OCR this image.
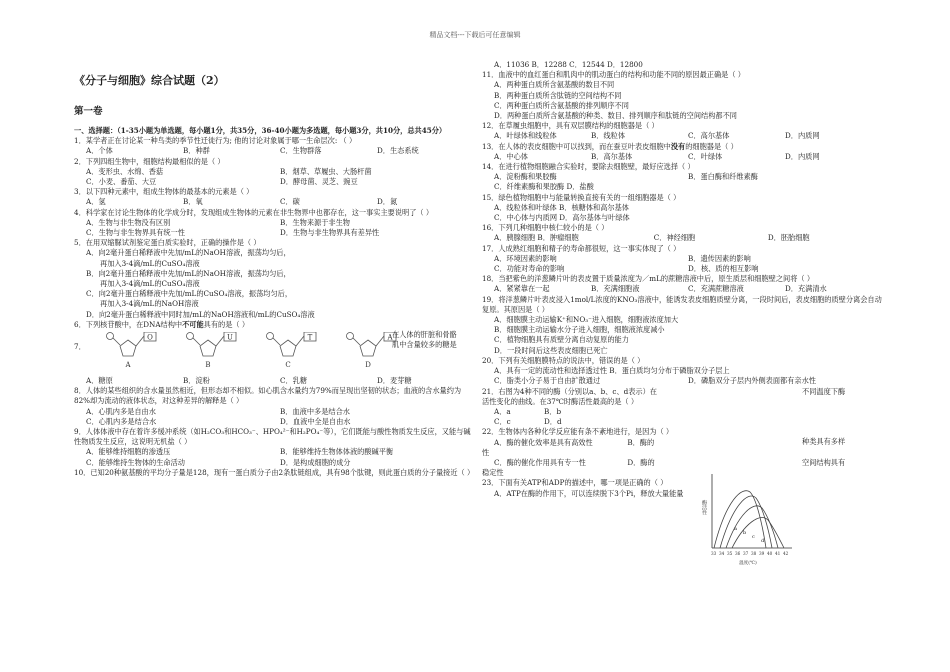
精品文档---下载后可任意编辑
《分子与细胞》综合试题（2）
第一卷
一、选择题：（1-35小题为单选题，每小题1分，共35分，36-40小题为多选题，每小题3分，共10分，总共45分）
1．某学者正在讨论某一种鸟类的季节性迁徙行为; 他的讨论对象属于哪一生命层次: （ ）
A．个体	B．种群	C．生物群落	D．生态系统
2．下列四组生物中，细胞结构最相似的是（ ）
A．变形虫、水绵、香菇	B．烟草、草履虫、大肠杆菌
C．小麦、番茄、大豆	D．酵母菌、灵芝、豌豆
3．以下四种元素中，组成生物体的最基本的元素是（ ）
A．氢	B．氧	C．碳	D．氮
4．科学家在讨论生物体的化学成分时，发现组成生物体的元素在非生物界中也都存在，这一事实主要说明了（ ）
A．生物与非生物没有区别	B．生物来源于非生物
C．生物与非生物界具有统一性	D．生物与非生物界具有差异性
5．在用双缩脲试剂鉴定蛋白质实验时，正确的操作是（ ）
A．向2毫升蛋白稀释液中先加/mL的NaOH溶液，振荡均匀后，
再加入3-4滴/mL的CuSO₄溶液
B．向2毫升蛋白稀释液中先加/mL的NaOH溶液，振荡均匀后，
再加入3-4滴/mL的CuSO₄溶液
C．向2毫升蛋白稀释液中先加/mL的CuSO₄溶液，振荡均匀后，
再加入3-4滴/mL的NaOH溶液
D．向2毫升蛋白稀释液中同时加/mL的NaOH溶液和/mL的CuSO₄溶液
6．下列核苷酸中，在DNA结构中不可能具有的是（ ）
7．
O
A
U
B
T
C
A
D
在人体的肝脏和骨骼肌中含量较多的糖是
A．糖原	B．淀粉	C．乳糖	D．麦芽糖
8．人体的某些组织的含水量虽然相近，但形态却不相似。如心肌含水量约为79%而呈现出坚韧的状态；血液的含水量约为82%却为流动的液体状态，对这种差异的解释是（ ）
A．心肌内多是自由水	B．血液中多是结合水
C．心肌内多是结合水	D．血液中全是自由水
9．人体体液中存在着许多缓冲系统（如H₂CO₃和HCO₃⁻、HPO₄²⁻和H₂PO₄⁻等），它们既能与酸性物质发生反应，又能与碱性物质发生反应，这说明无机盐（ ）
A．能够维持细胞的渗透压	B．能够维持生物体体液的酸碱平衡
C．能够维持生物体的生命活动	D．是构成细胞的成分
10．已知20种氨基酸的平均分子量是128，现有一蛋白质分子由2条肽链组成，具有98个肽键，则此蛋白质的分子量接近（ ）
A．11036 B．12288 C．12544 D．12800
11．血液中的血红蛋白和肌肉中的肌动蛋白的结构和功能不同的原因最正确是（ ）
A．两种蛋白质所含氨基酸的数目不同
B．两种蛋白质所含肽链的空间结构不同
C．两种蛋白质所含氨基酸的排列顺序不同
D．两种蛋白质所含氨基酸的种类、数目、排列顺序和肽链的空间结构都不同
12．在草履虫细胞中，具有双层膜结构的细胞器是（ ）
A．叶绿体和线粒体	B．线粒体	C．高尔基体	D．内质网
13．在人体的表皮细胞中可以找到，而在蚕豆叶表皮细胞中没有的细胞器是（ ）
A．中心体	B．高尔基体	C．叶绿体	D．内质网
14．在进行植物细胞融合实验时，要除去细胞壁，最好应选择（ ）
A．淀粉酶和果胶酶	B．蛋白酶和纤维素酶
C．纤维素酶和果胶酶 D．盐酸
15．绿色植物细胞中与能量转换直接有关的一组细胞器是（ ）
A．线粒体和叶绿体 B．核糖体和高尔基体
C．中心体与内质网 D．高尔基体与叶绿体
16．下列几种细胞中核仁较小的是（ ）
A．胰腺细胞 B．肿瘤细胞	C．神经细胞	D．胚胎细胞
17．人成熟红细胞和精子的寿命都很短，这一事实体现了（ ）
A．环境因素的影响	B．遗传因素的影响
C．功能对寿命的影响	D．核、质的相互影响
18．当把紫色的洋葱鳞片叶的表皮置于质量浓度为／mL的蔗糖溶液中后，原生质层和细胞壁之间将（ ）
A．紧紧靠在一起	B．充满细胞液	C．充满蔗糖溶液	D．充满清水
19．将洋葱鳞片叶表皮浸入1mol/L浓度的KNO₃溶液中，能诱发表皮细胞质壁分离，一段时间后，表皮细胞的质壁分离会自动复原。其原因是（ ）
A．细胞膜主动运输K⁺和NO₃⁻进入细胞，细胞液浓度加大
B．细胞膜主动运输水分子进入细胞，细胞液浓度减小
C．植物细胞具有质壁分离自动复原的能力
D．一段时间后这些表皮细胞已死亡
20．下列有关细胞膜特点的说法中，错误的是（ ）
A．具有一定的流动性和选择透过性 B．蛋白质均匀分布于磷脂双分子层上
C．脂类小分子易于自由扩散通过	D．磷脂双分子层内外侧表面都有亲水性
21．右图为4种不同的酶（分别以a、b、c、d表示）在	不同温度下酶
活性变化的曲线。在37℃时酶活性最高的是（ ）
A．a	B．b
C．c	D．d
22．生物体内各种化学反应能有条不紊地进行，是因为（ ）
种类具有多样
A．酶的催化效率是具有高效性	B．酶的
性
C．酶的催化作用具有专一性	D．酶的	空间结构具有
稳定性
23．下面有关ATP和ADP的描述中，哪一项是正确的（ ）
A．ATP在酶的作用下，可以连续脱下3个Pi，释放大量能量
酶活性
a
b
c
d
33 34 35 36 37 38 39 40 41 42
温度(℃)
